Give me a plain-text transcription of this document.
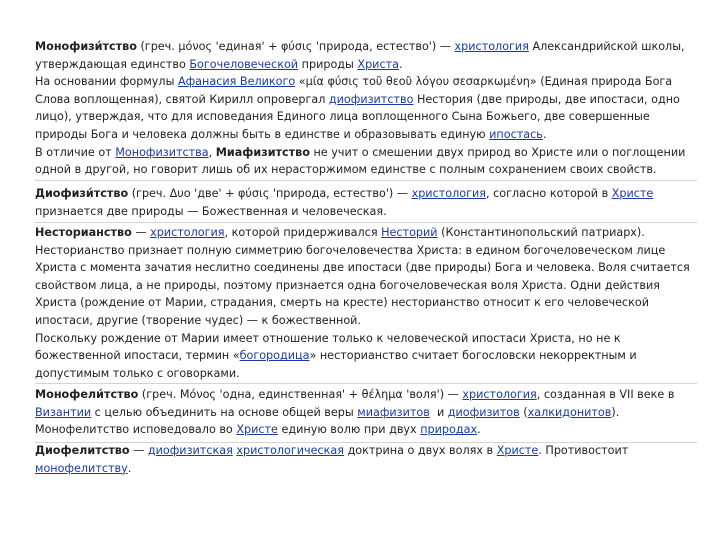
Монофизи́тство (греч. μόνος 'единая' + φύσις 'природа, естество') — христология Александрийской школы,
утверждающая единство Богочеловеческой природы Христа.
На основании формулы Афанасия Великого «μία φύσις τοῦ θεοῦ λόγου σεσαρκωμένη» (Единая природа Бога
Слова воплощенная), святой Кирилл опровергал диофизитство Нестория (две природы, две ипостаси, одно
лицо), утверждая, что для исповедания Единого лица воплощенного Сына Божьего, две совершенные
природы Бога и человека должны быть в единстве и образовывать единую ипостась.
В отличие от Монофизитства, Миафизитство не учит о смешении двух природ во Христе или о поглощении
одной в другой, но говорит лишь об их нерасторжимом единстве с полным сохранением своих свойств.
Диофизи́тство (греч. Δυο 'две' + φύσις 'природа, естество') — христология, согласно которой в Христе
признается две природы — Божественная и человеческая.
Несторианство — христология, которой придерживался Несторий (Константинопольский патриарх).
Несторианство признает полную симметрию богочеловечества Христа: в едином богочеловеческом лице
Христа с момента зачатия неслитно соединены две ипостаси (две природы) Бога и человека. Воля считается
свойством лица, а не природы, поэтому признается одна богочеловеческая воля Христа. Одни действия
Христа (рождение от Марии, страдания, смерть на кресте) несторианство относит к его человеческой
ипостаси, другие (творение чудес) — к божественной.
Поскольку рождение от Марии имеет отношение только к человеческой ипостаси Христа, но не к
божественной ипостаси, термин «богородица» несторианство считает богословски некорректным и
допустимым только с оговорками.
Монофели́тство (греч. Μόνος 'одна, единственная' + θέλημα 'воля') — христология, созданная в VII веке в
Византии с целью объединить на основе общей веры миафизитов  и диофизитов (халкидонитов).
Монофелитство исповедовало во Христе единую волю при двух природах.
Диофелитство — диофизитская христологическая доктрина о двух волях в Христе. Противостоит
монофелитству.
